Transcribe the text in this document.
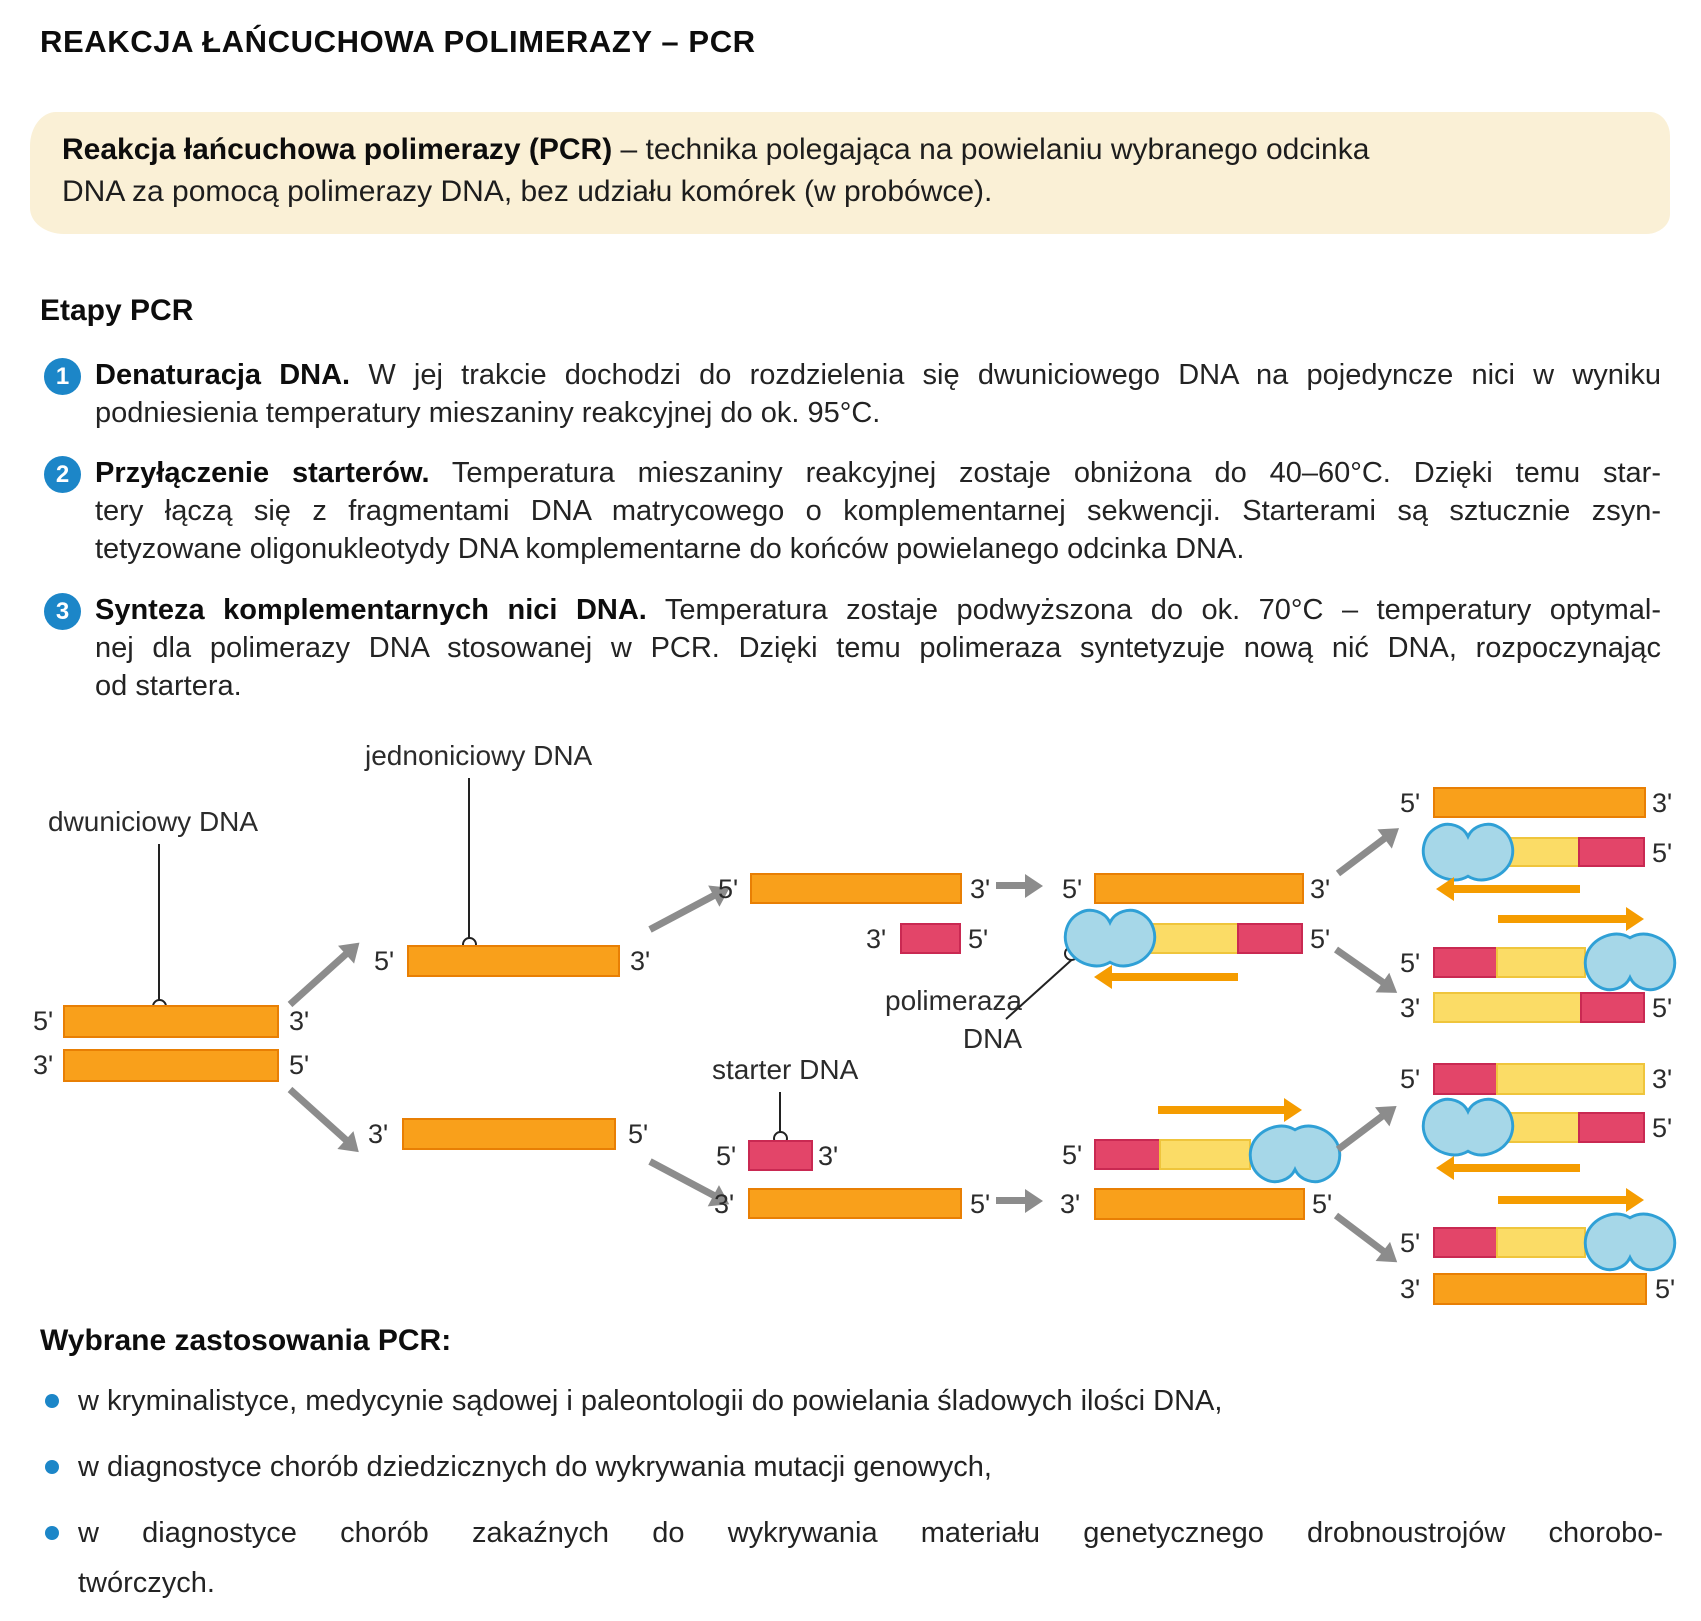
REAKCJA ŁAŃCUCHOWA POLIMERAZY – PCR
Reakcja łańcuchowa polimerazy (PCR) – technika polegająca na powielaniu wybranego odcinka
DNA za pomocą polimerazy DNA, bez udziału komórek (w probówce).
Etapy PCR
1 Denaturacja DNA. W jej trakcie dochodzi do rozdzielenia się dwuniciowego DNA na pojedyncze nici w wyniku
podniesienia temperatury mieszaniny reakcyjnej do ok. 95°C.
2 Przyłączenie starterów. Temperatura mieszaniny reakcyjnej zostaje obniżona do 40–60°C. Dzięki temu star-
tery łączą się z fragmentami DNA matrycowego o komplementarnej sekwencji. Starterami są sztucznie zsyn-
tetyzowane oligonukleotydy DNA komplementarne do końców powielanego odcinka DNA.
3 Synteza komplementarnych nici DNA. Temperatura zostaje podwyższona do ok. 70°C – temperatury optymal-
nej dla polimerazy DNA stosowanej w PCR. Dzięki temu polimeraza syntetyzuje nową nić DNA, rozpoczynając
od startera.
dwuniciowy DNA
jednoniciowy DNA
polimeraza
DNA
starter DNA
5'	3'
3'	5'
5'	3'
3'	5'
5'	3'
3'	5'
5'	3'
3'	5'
5'	3'
5'
5'
3'	5'
5'	3'
5'
5'
3'	5'
5'	3'
5'
5'
3'	5'
Wybrane zastosowania PCR:
w kryminalistyce, medycynie sądowej i paleontologii do powielania śladowych ilości DNA,
w diagnostyce chorób dziedzicznych do wykrywania mutacji genowych,
w diagnostyce chorób zakaźnych do wykrywania materiału genetycznego drobnoustrojów chorobo-
twórczych.
